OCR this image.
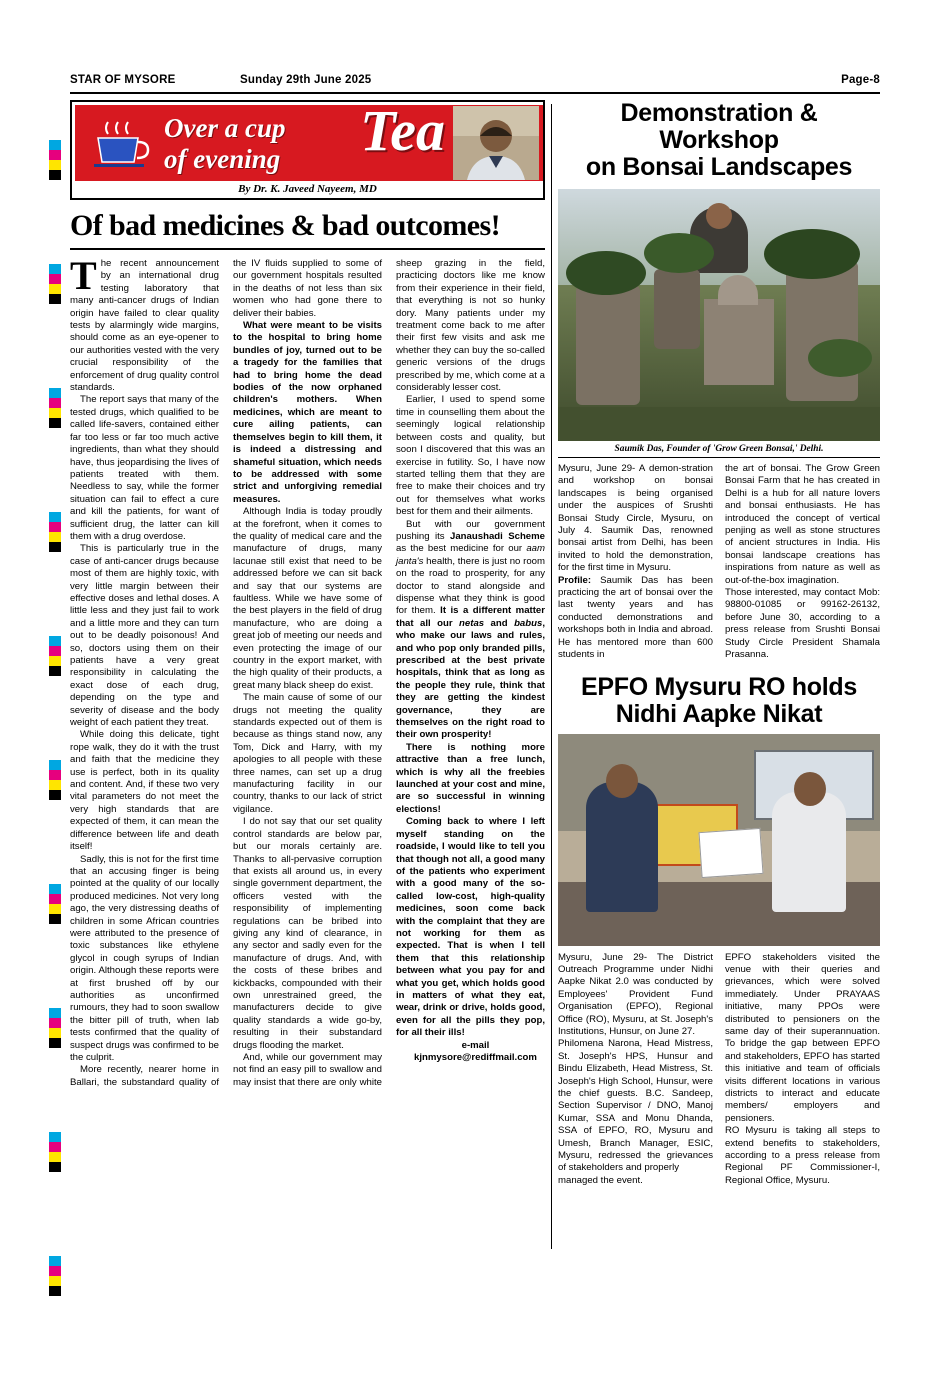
STAR OF MYSORE	Sunday 29th June 2025	Page-8
Over a cup
of evening	Tea
By Dr. K. Javeed Nayeem, MD
Of bad medicines & bad outcomes!

The recent announcement by an international drug testing laboratory that many anti-cancer drugs of Indian origin have failed to clear quality tests by alarmingly wide margins, should come as an eye-opener to our authorities vested with the very crucial responsibility of the enforcement of drug quality control standards.

The report says that many of the tested drugs, which qualified to be called life-savers, contained either far too less or far too much active ingredients, than what they should have, thus jeopardising the lives of patients treated with them. Needless to say, while the former situation can fail to effect a cure and kill the patients, for want of sufficient drug, the latter can kill them with a drug overdose.

This is particularly true in the case of anti-cancer drugs because most of them are highly toxic, with very little margin between their effective doses and lethal doses. A little less and they just fail to work and a little more and they can turn out to be deadly poisonous! And so, doctors using them on their patients have a very great responsibility in calculating the exact dose of each drug, depending on the type and severity of disease and the body weight of each patient they treat.

While doing this delicate, tight rope walk, they do it with the trust and faith that the medicine they use is perfect, both in its quality and content. And, if these two very vital parameters do not meet the very high standards that are expected of them, it can mean the difference between life and death itself!

Sadly, this is not for the first time that an accusing finger is being pointed at the quality of our locally produced medicines. Not very long ago, the very distressing deaths of children in some African countries were attributed to the presence of toxic substances like ethylene glycol in cough syrups of Indian origin. Although these reports were at first brushed off by our authorities as unconfirmed rumours, they had to soon swallow the bitter pill of truth, when lab tests confirmed that the quality of suspect drugs was confirmed to be the culprit.

More recently, nearer home in Ballari, the substandard quality of the IV fluids supplied to some of our government hospitals resulted in the deaths of not less than six women who had gone there to deliver their babies.

What were meant to be visits to the hospital to bring home bundles of joy, turned out to be a tragedy for the families that had to bring home the dead bodies of the now orphaned children's mothers. When medicines, which are meant to cure ailing patients, can themselves begin to kill them, it is indeed a distressing and shameful situation, which needs to be addressed with some strict and unforgiving remedial measures.

Although India is today proudly at the forefront, when it comes to the quality of medical care and the manufacture of drugs, many lacunae still exist that need to be addressed before we can sit back and say that our systems are faultless. While we have some of the best players in the field of drug manufacture, who are doing a great job of meeting our needs and even protecting the image of our country in the export market, with the high quality of their products, a great many black sheep do exist.

The main cause of some of our drugs not meeting the quality standards expected out of them is because as things stand now, any Tom, Dick and Harry, with my apologies to all people with these three names, can set up a drug manufacturing facility in our country, thanks to our lack of strict vigilance.

I do not say that our set quality control standards are below par, but our morals certainly are. Thanks to all-pervasive corruption that exists all around us, in every single government department, the officers vested with the responsibility of implementing regulations can be bribed into giving any kind of clearance, in any sector and sadly even for the manufacture of drugs. And, with the costs of these bribes and kickbacks, compounded with their own unrestrained greed, the manufacturers decide to give quality standards a wide go-by, resulting in their substandard drugs flooding the market.

And, while our government may not find an easy pill to swallow and may insist that there are only white sheep grazing in the field, practicing doctors like me know from their experience in their field, that everything is not so hunky dory. Many patients under my treatment come back to me after their first few visits and ask me whether they can buy the so-called generic versions of the drugs prescribed by me, which come at a considerably lesser cost.

Earlier, I used to spend some time in counselling them about the seemingly logical relationship between costs and quality, but soon I discovered that this was an exercise in futility. So, I have now started telling them that they are free to make their choices and try out for themselves what works best for them and their ailments.

But with our government pushing its Janaushadi Scheme as the best medicine for our aam janta's health, there is just no room on the road to prosperity, for any doctor to stand alongside and dispense what they think is good for them. It is a different matter that all our netas and babus, who make our laws and rules, and who pop only branded pills, prescribed at the best private hospitals, think that as long as the people they rule, think that they are getting the kindest governance, they are themselves on the right road to their own prosperity!

There is nothing more attractive than a free lunch, which is why all the freebies launched at your cost and mine, are so successful in winning elections!

Coming back to where I left myself standing on the roadside, I would like to tell you that though not all, a good many of the patients who experiment with a good many of the so-called low-cost, high-quality medicines, soon come back with the complaint that they are not working for them as expected. That is when I tell them that this relationship between what you pay for and what you get, which holds good in matters of what they eat, wear, drink or drive, holds good, even for all the pills they pop, for all their ills!

e-mail

kjnmysore@rediffmail.com

Demonstration & Workshop
on Bonsai Landscapes
Saumik Das, Founder of 'Grow Green Bonsai,' Delhi.

Mysuru, June 29- A demon-stration and workshop on bonsai landscapes is being organised under the auspices of Srushti Bonsai Study Circle, Mysuru, on July 4. Saumik Das, renowned bonsai artist from Delhi, has been invited to hold the demonstration, for the first time in Mysuru.

Profile: Saumik Das has been practicing the art of bonsai over the last twenty years and has conducted demonstrations and workshops both in India and abroad. He has mentored more than 600 students in

the art of bonsai. The Grow Green Bonsai Farm that he has created in Delhi is a hub for all nature lovers and bonsai enthusiasts. He has introduced the concept of vertical penjing as well as stone structures of ancient structures in India. His bonsai landscape creations has inspirations from nature as well as out-of-the-box imagination.

Those interested, may contact Mob: 98800-01085 or 99162-26132, before June 30, according to a press release from Srushti Bonsai Study Circle President Shamala Prasanna.

EPFO Mysuru RO holds
Nidhi Aapke Nikat

Mysuru, June 29- The District Outreach Programme under Nidhi Aapke Nikat 2.0 was conducted by Employees' Provident Fund Organisation (EPFO), Regional Office (RO), Mysuru, at St. Joseph's Institutions, Hunsur, on June 27.

Philomena Narona, Head Mistress, St. Joseph's HPS, Hunsur and Bindu Elizabeth, Head Mistress, St. Joseph's High School, Hunsur, were the chief guests. B.C. Sandeep, Section Supervisor / DNO, Manoj Kumar, SSA and Monu Dhanda, SSA of EPFO, RO, Mysuru and Umesh, Branch Manager, ESIC, Mysuru, redressed the grievances of stakeholders and properly

managed the event.

EPFO stakeholders visited the venue with their queries and grievances, which were solved immediately. Under PRAYAAS initiative, many PPOs were distributed to pensioners on the same day of their superannuation. To bridge the gap between EPFO and stakeholders, EPFO has started this initiative and team of officials visits different locations in various districts to interact and educate members/ employers and pensioners.

RO Mysuru is taking all steps to extend benefits to stakeholders, according to a press release from Regional PF Commissioner-I, Regional Office, Mysuru.
